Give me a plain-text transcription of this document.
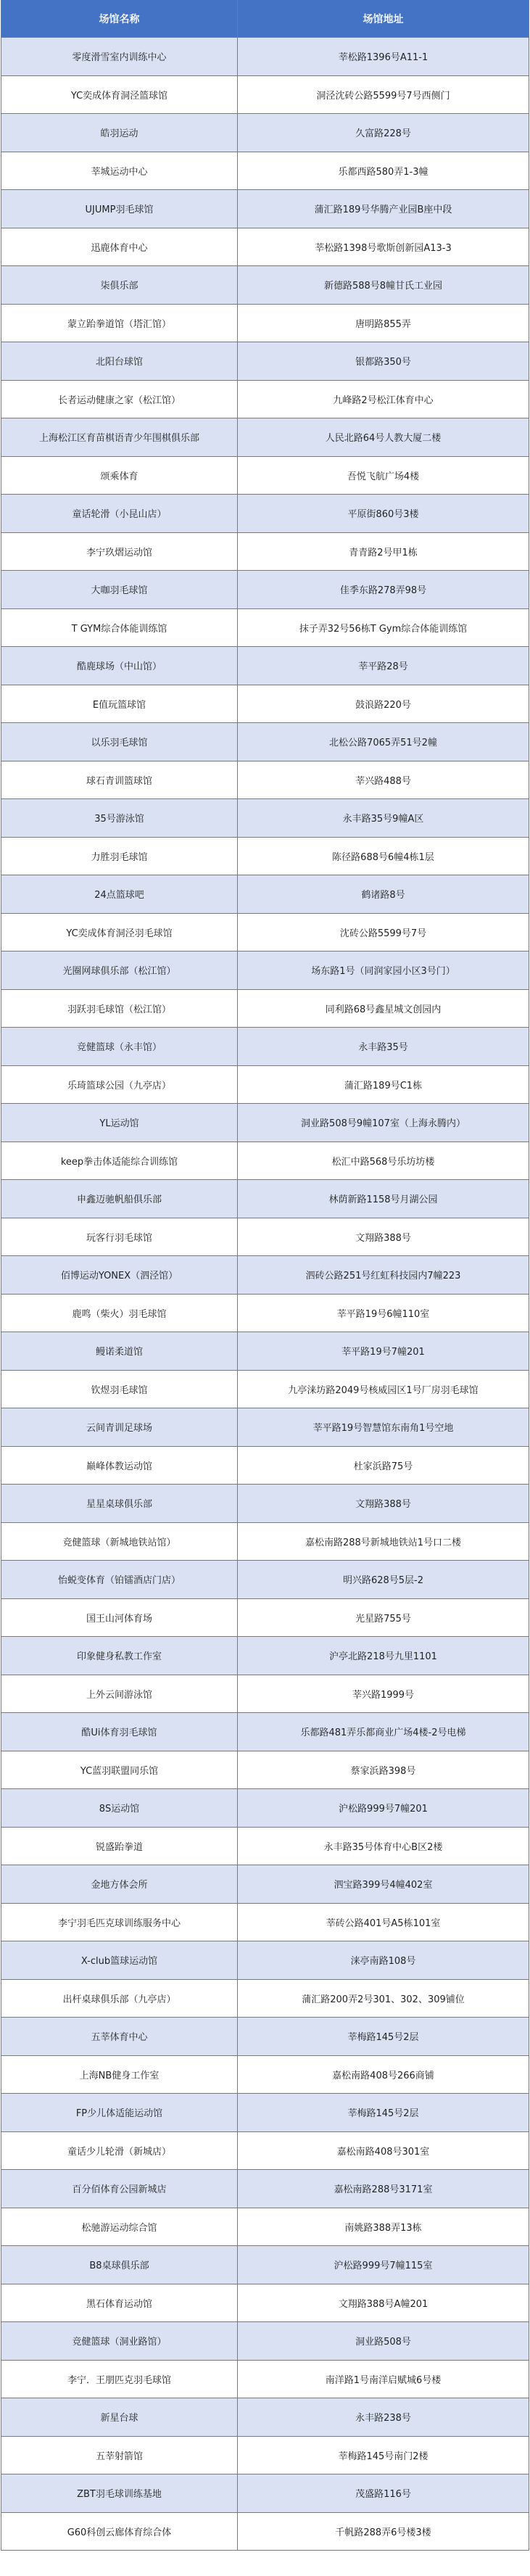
场馆名称	场馆地址
零度滑雪室内训练中心	莘松路1396号A11-1
YC奕成体育洞泾篮球馆	洞泾沈砖公路5599号7号西侧门
皓羽运动	久富路228号
莘城运动中心	乐都西路580弄1-3幢
UJUMP羽毛球馆	蒲汇路189号华腾产业园B座中段
迅鹿体育中心	莘松路1398号歌斯创新园A13-3
柒俱乐部	新德路588号8幢甘氏工业园
蒙立跆拳道馆（塔汇馆）	唐明路855弄
北阳台球馆	银都路350号
长者运动健康之家（松江馆）	九峰路2号松江体育中心
上海松江区育苗棋语青少年围棋俱乐部	人民北路64号人教大厦二楼
颂乘体育	吾悦飞航广场4楼
童话轮滑（小昆山店）	平原街860号3楼
李宁玖熠运动馆	青青路2号甲1栋
大咖羽毛球馆	佳季东路278弄98号
T GYM综合体能训练馆	抹子弄32号56栋T Gym综合体能训练馆
酷鹿球场（中山馆）	莘平路28号
E值玩篮球馆	鼓浪路220号
以乐羽毛球馆	北松公路7065弄51号2幢
球石青训篮球馆	莘兴路488号
35号游泳馆	永丰路35号9幢A区
力胜羽毛球馆	陈径路688号6幢4栋1层
24点篮球吧	鹤诸路8号
YC奕成体育洞泾羽毛球馆	沈砖公路5599号7号
光圈网球俱乐部（松江馆）	场东路1号（同润家园小区3号门）
羽跃羽毛球馆（松江馆）	同利路68号鑫星城文创园内
竞健篮球（永丰馆）	永丰路35号
乐琦篮球公园（九亭店）	蒲汇路189号C1栋
YL运动馆	洞业路508号9幢107室（上海永腾内）
keep拳击体适能综合训练馆	松汇中路568号乐坊坊楼
申鑫迈驰帆船俱乐部	林荫新路1158号月湖公园
玩客行羽毛球馆	文翔路388号
佰博运动YONEX（泗泾馆）	泗砖公路251号红虹科技园内7幢223
鹿鸣（柴火）羽毛球馆	莘平路19号6幢110室
鳗诺柔道馆	莘平路19号7幢201
钦煜羽毛球馆	九亭涞坊路2049号核威园区1号厂房羽毛球馆
云间青训足球场	莘平路19号智慧馆东南角1号空地
巅峰体教运动馆	杜家浜路75号
星星桌球俱乐部	文翔路388号
竞健篮球（新城地铁站馆）	嘉松南路288号新城地铁站1号口二楼
怡蜕变体育（铂镭酒店门店）	明兴路628号5层-2
国王山河体育场	光星路755号
印象健身私教工作室	沪亭北路218号九里1101
上外云间游泳馆	莘兴路1999号
酷Ui体育羽毛球馆	乐都路481弄乐都商业广场4楼-2号电梯
YC蓝羽联盟同乐馆	蔡家浜路398号
8S运动馆	沪松路999号7幢201
锐盛跆拳道	永丰路35号体育中心B区2楼
金地方体会所	泗宝路399号4幢402室
李宁羽毛匹克球训练服务中心	莘砖公路401号A5栋101室
X-club篮球运动馆	涞亭南路108号
出杆桌球俱乐部（九亭店）	蒲汇路200弄2号301、302、309铺位
五莘体育中心	莘梅路145号2层
上海NB健身工作室	嘉松南路408号266商铺
FP少儿体适能运动馆	莘梅路145号2层
童话少儿轮滑（新城店）	嘉松南路408号301室
百分佰体育公园新城店	嘉松南路288号3171室
松驰游运动综合馆	南姚路388弄13栋
B8桌球俱乐部	沪松路999号7幢115室
黑石体育运动馆	文翔路388号A幢201
竞健篮球（洞业路馆）	洞业路508号
李宁．王朋匹克羽毛球馆	南洋路1号南洋启赋城6号楼
新星台球	永丰路238号
五莘射箭馆	莘梅路145号南门2楼
ZBT羽毛球训练基地	茂盛路116号
G60科创云廊体育综合体	千帆路288弄6号楼3楼
